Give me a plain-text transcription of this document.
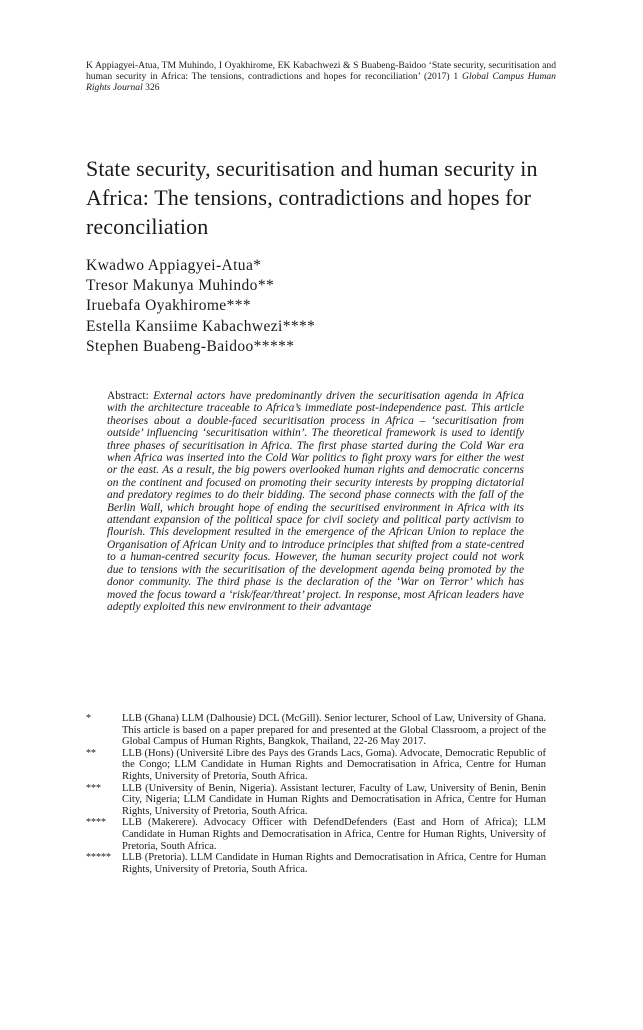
K Appiagyei-Atua, TM Muhindo, I Oyakhirome, EK Kabachwezi & S Buabeng-Baidoo ‘State security, securitisation and human security in Africa: The tensions, contradictions and hopes for reconciliation’ (2017) 1 Global Campus Human Rights Journal 326
State security, securitisation and human security in Africa: The tensions, contradictions and hopes for reconciliation
Kwadwo Appiagyei-Atua*
Tresor Makunya Muhindo**
Iruebafa Oyakhirome***
Estella Kansiime Kabachwezi****
Stephen Buabeng-Baidoo*****
Abstract: External actors have predominantly driven the securitisation agenda in Africa with the architecture traceable to Africa’s immediate post-independence past. This article theorises about a double-faced securitisation process in Africa – ‘securitisation from outside’ influencing ‘securitisation within’. The theoretical framework is used to identify three phases of securitisation in Africa. The first phase started during the Cold War era when Africa was inserted into the Cold War politics to fight proxy wars for either the west or the east. As a result, the big powers overlooked human rights and democratic concerns on the continent and focused on promoting their security interests by propping dictatorial and predatory regimes to do their bidding. The second phase connects with the fall of the Berlin Wall, which brought hope of ending the securitised environment in Africa with its attendant expansion of the political space for civil society and political party activism to flourish. This development resulted in the emergence of the African Union to replace the Organisation of African Unity and to introduce principles that shifted from a state-centred to a human-centred security focus. However, the human security project could not work due to tensions with the securitisation of the development agenda being promoted by the donor community. The third phase is the declaration of the ‘War on Terror’ which has moved the focus toward a ‘risk/fear/threat’ project. In response, most African leaders have adeptly exploited this new environment to their advantage
*	LLB (Ghana) LLM (Dalhousie) DCL (McGill). Senior lecturer, School of Law, University of Ghana. This article is based on a paper prepared for and presented at the Global Classroom, a project of the Global Campus of Human Rights, Bangkok, Thailand, 22-26 May 2017.
**	LLB (Hons) (Université Libre des Pays des Grands Lacs, Goma). Advocate, Democratic Republic of the Congo; LLM Candidate in Human Rights and Democratisation in Africa, Centre for Human Rights, University of Pretoria, South Africa.
***	LLB (University of Benin, Nigeria). Assistant lecturer, Faculty of Law, University of Benin, Benin City, Nigeria; LLM Candidate in Human Rights and Democratisation in Africa, Centre for Human Rights, University of Pretoria, South Africa.
****	LLB (Makerere). Advocacy Officer with DefendDefenders (East and Horn of Africa); LLM Candidate in Human Rights and Democratisation in Africa, Centre for Human Rights, University of Pretoria, South Africa.
*****	LLB (Pretoria). LLM Candidate in Human Rights and Democratisation in Africa, Centre for Human Rights, University of Pretoria, South Africa.
